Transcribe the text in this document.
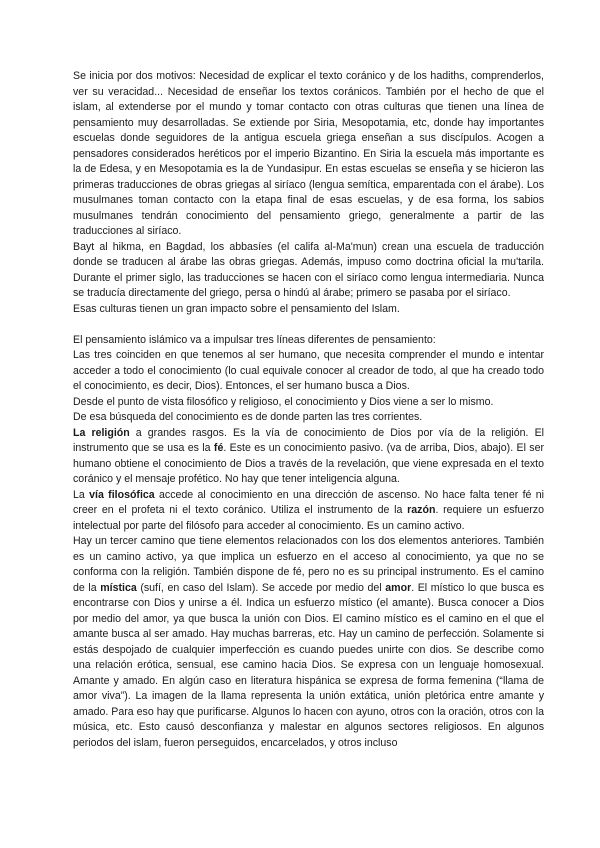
Se inicia por dos motivos: Necesidad de explicar el texto coránico y de los hadiths, comprenderlos, ver su veracidad... Necesidad de enseñar los textos coránicos. También por el hecho de que el islam, al extenderse por el mundo y tomar contacto con otras culturas que tienen una línea de pensamiento muy desarrolladas. Se extiende por Siria, Mesopotamia, etc, donde hay importantes escuelas donde seguidores de la antigua escuela griega enseñan a sus discípulos. Acogen a pensadores considerados heréticos por el imperio Bizantino. En Siria la escuela más importante es la de Edesa, y en Mesopotamia es la de Yundasipur. En estas escuelas se enseña y se hicieron las primeras traducciones de obras griegas al siríaco (lengua semítica, emparentada con el árabe). Los musulmanes toman contacto con la etapa final de esas escuelas, y de esa forma, los sabios musulmanes tendrán conocimiento del pensamiento griego, generalmente a partir de las traducciones al siríaco.

Bayt al hikma, en Bagdad, los abbasíes (el califa al-Ma'mun) crean una escuela de traducción donde se traducen al árabe las obras griegas. Además, impuso como doctrina oficial la mu'tarila. Durante el primer siglo, las traducciones se hacen con el siríaco como lengua intermediaria. Nunca se traducía directamente del griego, persa o hindú al árabe; primero se pasaba por el siríaco.

Esas culturas tienen un gran impacto sobre el pensamiento del Islam.

El pensamiento islámico va a impulsar tres líneas diferentes de pensamiento:

Las tres coinciden en que tenemos al ser humano, que necesita comprender el mundo e intentar acceder a todo el conocimiento (lo cual equivale conocer al creador de todo, al que ha creado todo el conocimiento, es decir, Dios). Entonces, el ser humano busca a Dios.

Desde el punto de vista filosófico y religioso, el conocimiento y Dios viene a ser lo mismo.

De esa búsqueda del conocimiento es de donde parten las tres corrientes.

La religión a grandes rasgos. Es la vía de conocimiento de Dios por vía de la religión. El instrumento que se usa es la fé. Este es un conocimiento pasivo. (va de arriba, Dios, abajo). El ser humano obtiene el conocimiento de Dios a través de la revelación, que viene expresada en el texto coránico y el mensaje profético. No hay que tener inteligencia alguna.

La vía filosófica accede al conocimiento en una dirección de ascenso. No hace falta tener fé ni creer en el profeta ni el texto coránico. Utiliza el instrumento de la razón. requiere un esfuerzo intelectual por parte del filósofo para acceder al conocimiento. Es un camino activo.

Hay un tercer camino que tiene elementos relacionados con los dos elementos anteriores. También es un camino activo, ya que implica un esfuerzo en el acceso al conocimiento, ya que no se conforma con la religión. También dispone de fé, pero no es su principal instrumento. Es el camino de la mística (sufí, en caso del Islam). Se accede por medio del amor. El místico lo que busca es encontrarse con Dios y unirse a él. Indica un esfuerzo místico (el amante). Busca conocer a Dios por medio del amor, ya que busca la unión con Dios. El camino místico es el camino en el que el amante busca al ser amado. Hay muchas barreras, etc. Hay un camino de perfección. Solamente si estás despojado de cualquier imperfección es cuando puedes unirte con dios. Se describe como una relación erótica, sensual, ese camino hacia Dios. Se expresa con un lenguaje homosexual. Amante y amado. En algún caso en literatura hispánica se expresa de forma femenina (“llama de amor viva”). La imagen de la llama representa la unión extática, unión pletórica entre amante y amado. Para eso hay que purificarse. Algunos lo hacen con ayuno, otros con la oración, otros con la música, etc. Esto causó desconfianza y malestar en algunos sectores religiosos. En algunos periodos del islam, fueron perseguidos, encarcelados, y otros incluso
